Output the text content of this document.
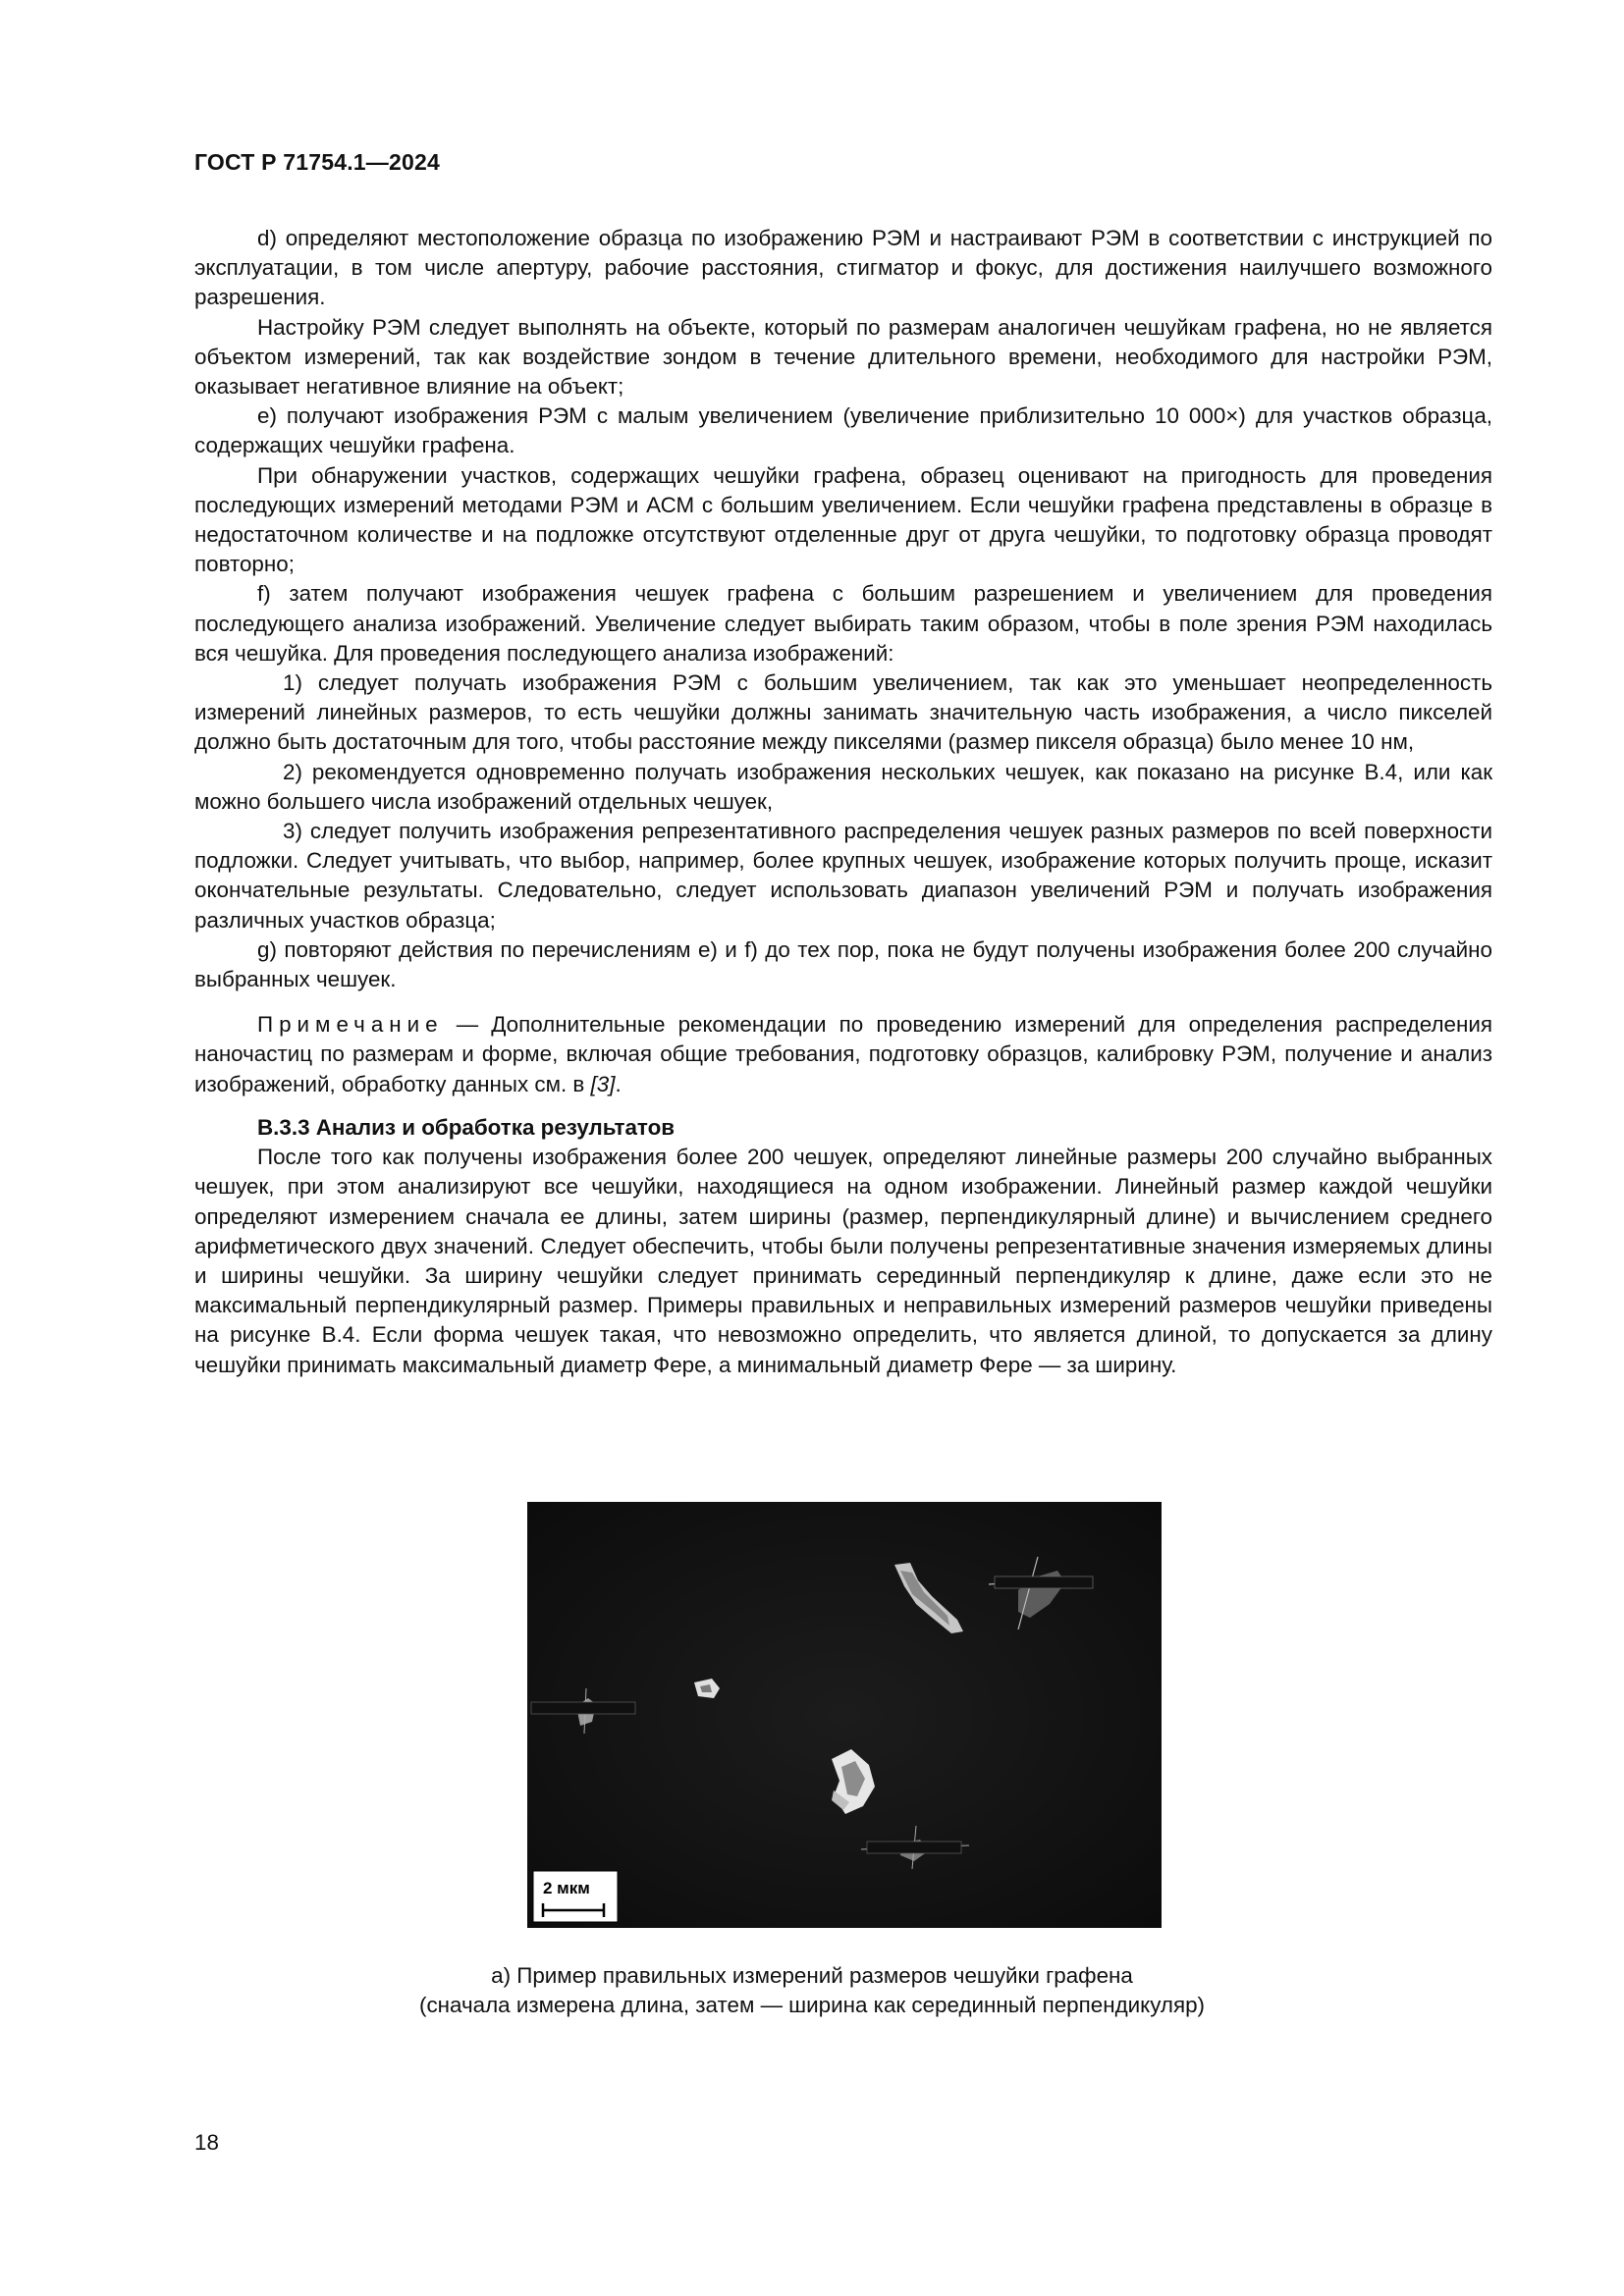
ГОСТ Р 71754.1—2024

d) определяют местоположение образца по изображению РЭМ и настраивают РЭМ в соответствии с инструкцией по эксплуатации, в том числе апертуру, рабочие расстояния, стигматор и фокус, для достижения наилучшего возможного разрешения.

Настройку РЭМ следует выполнять на объекте, который по размерам аналогичен чешуйкам графена, но не является объектом измерений, так как воздействие зондом в течение длительного времени, необходимого для настройки РЭМ, оказывает негативное влияние на объект;

e) получают изображения РЭМ с малым увеличением (увеличение приблизительно 10 000×) для участков образца, содержащих чешуйки графена.

При обнаружении участков, содержащих чешуйки графена, образец оценивают на пригодность для проведения последующих измерений методами РЭМ и АСМ с большим увеличением. Если чешуйки графена представлены в образце в недостаточном количестве и на подложке отсутствуют отделенные друг от друга чешуйки, то подготовку образца проводят повторно;

f) затем получают изображения чешуек графена с большим разрешением и увеличением для проведения последующего анализа изображений. Увеличение следует выбирать таким образом, чтобы в поле зрения РЭМ находилась вся чешуйка. Для проведения последующего анализа изображений:

1) следует получать изображения РЭМ с большим увеличением, так как это уменьшает неопределенность измерений линейных размеров, то есть чешуйки должны занимать значительную часть изображения, а число пикселей должно быть достаточным для того, чтобы расстояние между пикселями (размер пикселя образца) было менее 10 нм,

2) рекомендуется одновременно получать изображения нескольких чешуек, как показано на рисунке В.4, или как можно большего числа изображений отдельных чешуек,

3) следует получить изображения репрезентативного распределения чешуек разных размеров по всей поверхности подложки. Следует учитывать, что выбор, например, более крупных чешуек, изображение которых получить проще, исказит окончательные результаты. Следовательно, следует использовать диапазон увеличений РЭМ и получать изображения различных участков образца;

g) повторяют действия по перечислениям e) и f) до тех пор, пока не будут получены изображения более 200 случайно выбранных чешуек.

Примечание — Дополнительные рекомендации по проведению измерений для определения распределения наночастиц по размерам и форме, включая общие требования, подготовку образцов, калибровку РЭМ, получение и анализ изображений, обработку данных см. в [3].

В.3.3 Анализ и обработка результатов

После того как получены изображения более 200 чешуек, определяют линейные размеры 200 случайно выбранных чешуек, при этом анализируют все чешуйки, находящиеся на одном изображении. Линейный размер каждой чешуйки определяют измерением сначала ее длины, затем ширины (размер, перпендикулярный длине) и вычислением среднего арифметического двух значений. Следует обеспечить, чтобы были получены репрезентативные значения измеряемых длины и ширины чешуйки. За ширину чешуйки следует принимать серединный перпендикуляр к длине, даже если это не максимальный перпендикулярный размер. Примеры правильных и неправильных измерений размеров чешуйки приведены на рисунке В.4. Если форма чешуек такая, что невозможно определить, что является длиной, то допускается за длину чешуйки принимать максимальный диаметр Фере, а минимальный диаметр Фере — за ширину.

2 мкм
а) Пример правильных измерений размеров чешуйки графена
(сначала измерена длина, затем — ширина как серединный перпендикуляр)
18
